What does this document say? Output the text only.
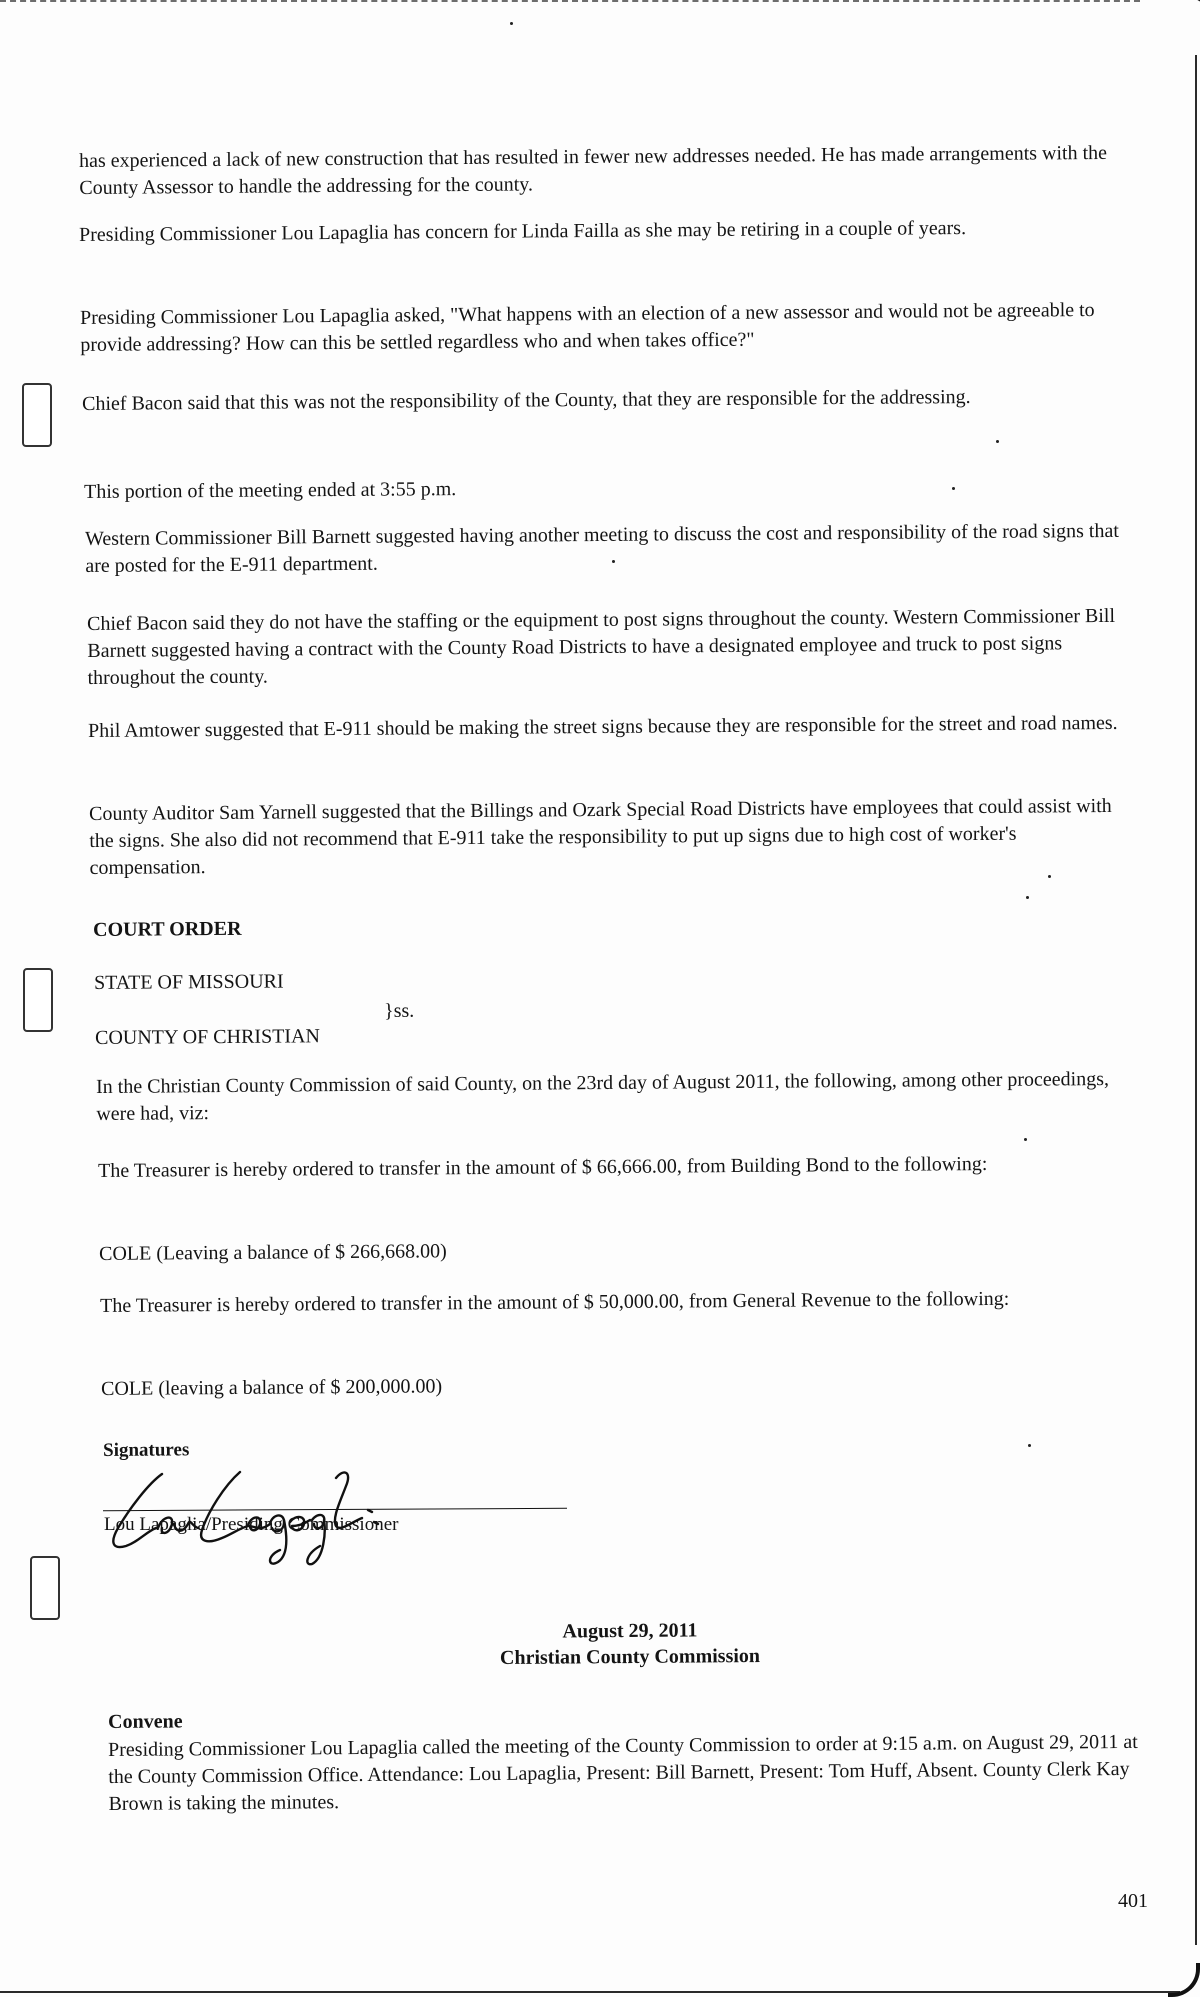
has experienced a lack of new construction that has resulted in fewer new addresses needed. He has made arrangements with the County Assessor to handle the addressing for the county.

Presiding Commissioner Lou Lapaglia has concern for Linda Failla as she may be retiring in a couple of years.

Presiding Commissioner Lou Lapaglia asked, "What happens with an election of a new assessor and would not be agreeable to provide addressing? How can this be settled regardless who and when takes office?"

Chief Bacon said that this was not the responsibility of the County, that they are responsible for the addressing.

This portion of the meeting ended at 3:55 p.m.

Western Commissioner Bill Barnett suggested having another meeting to discuss the cost and responsibility of the road signs that are posted for the E-911 department.

Chief Bacon said they do not have the staffing or the equipment to post signs throughout the county. Western Commissioner Bill Barnett suggested having a contract with the County Road Districts to have a designated employee and truck to post signs throughout the county.

Phil Amtower suggested that E-911 should be making the street signs because they are responsible for the street and road names.

County Auditor Sam Yarnell suggested that the Billings and Ozark Special Road Districts have employees that could assist with the signs. She also did not recommend that E-911 take the responsibility to put up signs due to high cost of worker's compensation.

COURT ORDER

STATE OF MISSOURI

}ss.

COUNTY OF CHRISTIAN

In the Christian County Commission of said County, on the 23rd day of August 2011, the following, among other proceedings, were had, viz:

The Treasurer is hereby ordered to transfer in the amount of $ 66,666.00, from Building Bond to the following:

COLE (Leaving a balance of $ 266,668.00)

The Treasurer is hereby ordered to transfer in the amount of $ 50,000.00, from General Revenue to the following:

COLE (leaving a balance of $ 200,000.00)

Signatures

Lou Lapaglia/Presiding Commissioner

August 29, 2011

Christian County Commission

Convene

Presiding Commissioner Lou Lapaglia called the meeting of the County Commission to order at 9:15 a.m. on August 29, 2011 at the County Commission Office. Attendance: Lou Lapaglia, Present: Bill Barnett, Present: Tom Huff, Absent. County Clerk Kay Brown is taking the minutes.

401
